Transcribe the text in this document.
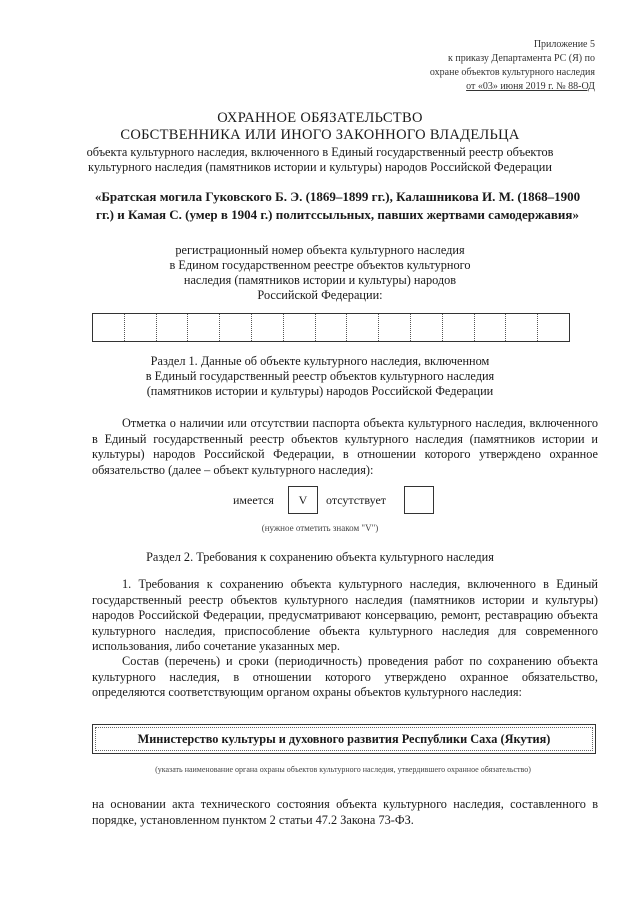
Приложение 5
к приказу Департамента РС (Я) по
охране объектов культурного наследия
от «03» июня 2019 г. № 88-ОД
ОХРАННОЕ ОБЯЗАТЕЛЬСТВО
СОБСТВЕННИКА ИЛИ ИНОГО ЗАКОННОГО ВЛАДЕЛЬЦА
объекта культурного наследия, включенного в Единый государственный реестр объектов
культурного наследия (памятников истории и культуры) народов Российской Федерации
«Братская могила Гуковского Б. Э. (1869–1899 гг.), Калашникова И. М. (1868–1900 гг.) и Камая С. (умер в 1904 г.) политссыльных, павших жертвами самодержавия»
регистрационный номер объекта культурного наследия
в Едином государственном реестре объектов культурного
наследия (памятников истории и культуры) народов
Российской Федерации:
Раздел 1. Данные об объекте культурного наследия, включенном
в Единый государственный реестр объектов культурного наследия
(памятников истории и культуры) народов Российской Федерации
Отметка о наличии или отсутствии паспорта объекта культурного наследия, включенного в Единый государственный реестр объектов культурного наследия (памятников истории и культуры) народов Российской Федерации, в отношении которого утверждено охранное обязательство (далее – объект культурного наследия):
имеется	V	отсутствует
(нужное отметить знаком "V")
Раздел 2. Требования к сохранению объекта культурного наследия
1. Требования к сохранению объекта культурного наследия, включенного в Единый государственный реестр объектов культурного наследия (памятников истории и культуры) народов Российской Федерации, предусматривают консервацию, ремонт, реставрацию объекта культурного наследия, приспособление объекта культурного наследия для современного использования, либо сочетание указанных мер.
Состав (перечень) и сроки (периодичность) проведения работ по сохранению объекта культурного наследия, в отношении которого утверждено охранное обязательство, определяются соответствующим органом охраны объектов культурного наследия:
Министерство культуры и духовного развития Республики Саха (Якутия)
(указать наименование органа охраны объектов культурного наследия, утвердившего охранное обязательство)
на основании акта технического состояния объекта культурного наследия, составленного в порядке, установленном пунктом 2 статьи 47.2 Закона 73-ФЗ.
